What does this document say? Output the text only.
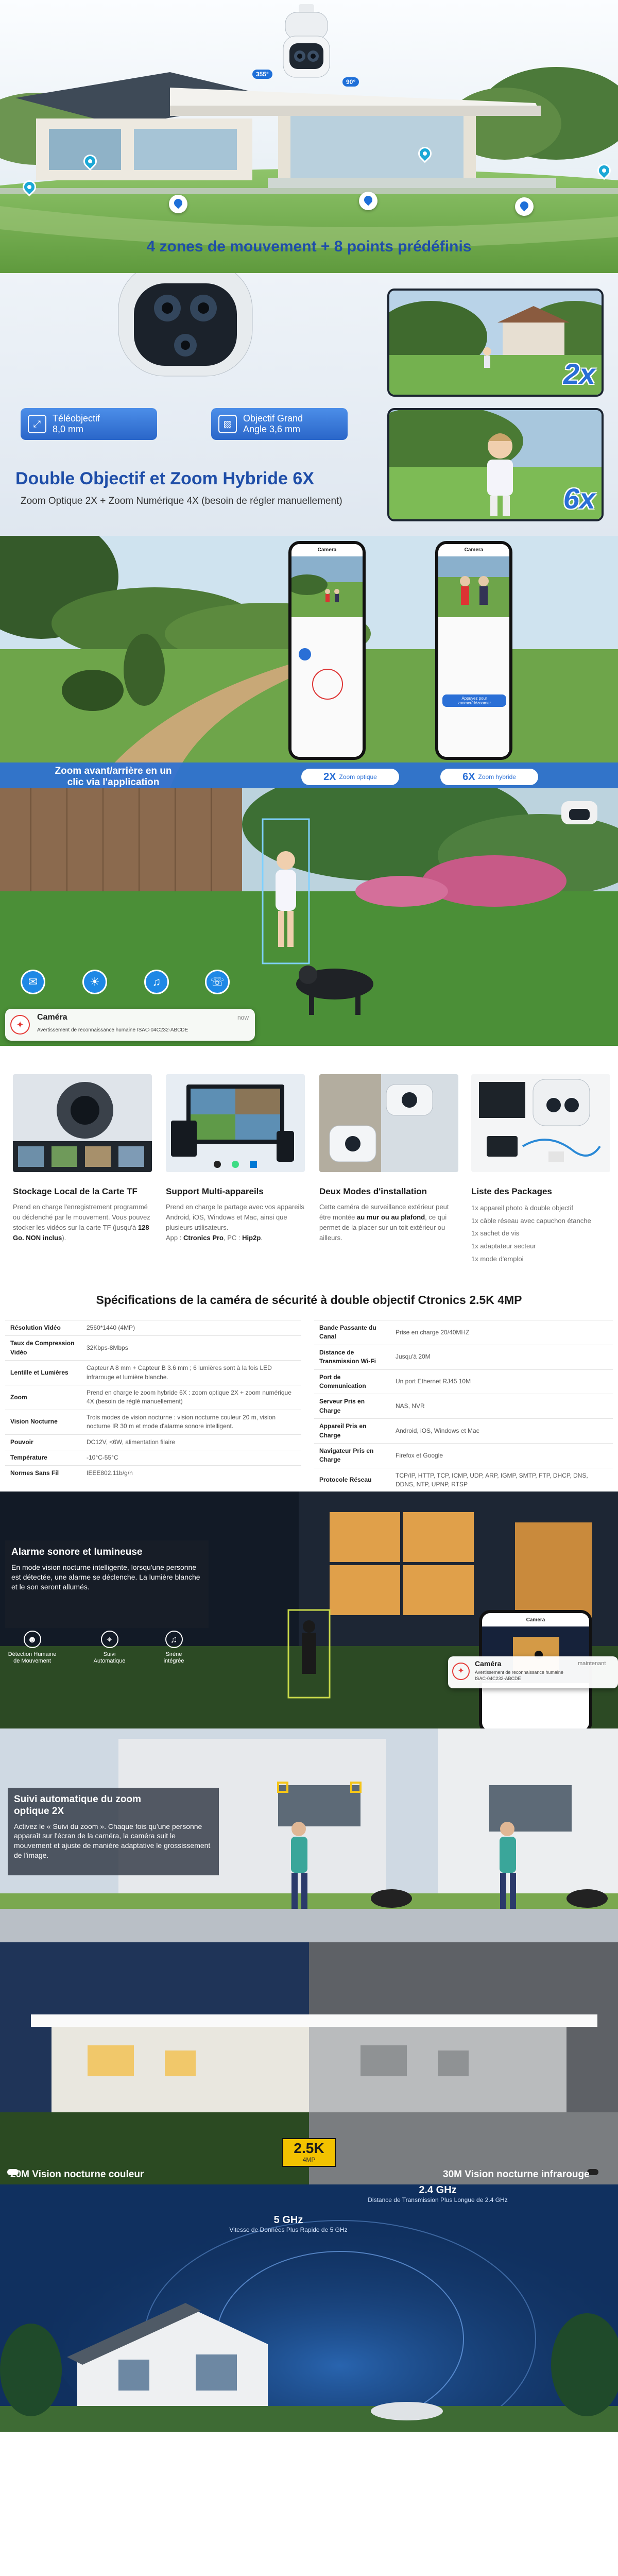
355°
90°
4 zones de mouvement + 8 points prédéfinis
⤢
Téléobjectif
8,0 mm
▧
Objectif Grand
Angle 3,6 mm
Double Objectif et Zoom Hybride 6X
Zoom Optique 2X + Zoom Numérique 4X (besoin de régler manuellement)
2x
6x
Camera	Camera
Appuyez pour zoomer/dézoomer
Zoom avant/arrière en un
clic via l'application	2X Zoom optique	6X Zoom hybride
✉	☀	♫	☏
✦
Caméra	now
Avertissement de reconnaissance humaine ISAC-04C232-ABCDE
Stockage Local de la Carte TF

Prend en charge l'enregistrement programmé ou déclenché par le mouvement. Vous pouvez stocker les vidéos sur la carte TF (jusqu'à 128 Go. NON inclus).

Support Multi-appareils

Prend en charge le partage avec vos appareils Android, iOS, Windows et Mac, ainsi que plusieurs utilisateurs.
App : Ctronics Pro, PC : Hip2p.

Deux Modes d'installation

Cette caméra de surveillance extérieur peut être montée au mur ou au plafond, ce qui permet de la placer sur un toit extérieur ou ailleurs.

Liste des Packages
1x appareil photo à double objectif
1x câble réseau avec capuchon étanche
1x sachet de vis
1x adaptateur secteur
1x mode d'emploi
Spécifications de la caméra de sécurité à double objectif Ctronics 2.5K 4MP
Résolution Vidéo	2560*1440 (4MP)
Taux de Compression Vidéo	32Kbps-8Mbps
Lentille et Lumières	Capteur A 8 mm + Capteur B 3.6 mm ; 6 lumières sont à la fois LED infrarouge et lumière blanche.
Zoom	Prend en charge le zoom hybride 6X : zoom optique 2X + zoom numérique 4X (besoin de réglé manuellement)
Vision Nocturne	Trois modes de vision nocturne : vision nocturne couleur 20 m, vision nocturne IR 30 m et mode d'alarme sonore intelligent.
Pouvoir	DC12V, <6W, alimentation filaire
Température	-10°C-55°C
Normes Sans Fil	IEEE802.11b/g/n
Bande Passante du Canal	Prise en charge 20/40MHZ
Distance de Transmission Wi-Fi	Jusqu'à 20M
Port de Communication	Un port Ethernet RJ45 10M
Serveur Pris en Charge	NAS, NVR
Appareil Pris en Charge	Android, iOS, Windows et Mac
Navigateur Pris en Charge	Firefox et Google
Protocole Réseau	TCP/IP, HTTP, TCP, ICMP, UDP, ARP, IGMP, SMTP, FTP, DHCP, DNS, DDNS, NTP, UPNP, RTSP
Alarme sonore et lumineuse

En mode vision nocturne intelligente, lorsqu'une personne est détectée, une alarme se déclenche. La lumière blanche et le son seront allumés.

☻
Détection Humaine
de Mouvement
⌖
Suivi
Automatique
♫
Sirène
intégrée
Camera
✦
Caméra	maintenant
Avertissement de reconnaissance humaine ISAC-04C232-ABCDE
Suivi automatique du zoom
optique 2X

Activez le « Suivi du zoom ». Chaque fois qu'une personne apparaît sur l'écran de la caméra, la caméra suit le mouvement et ajuste de manière adaptative le grossissement de l'image.

2.5K
4MP
20M Vision nocturne couleur	30M Vision nocturne infrarouge
2.4 GHz
Distance de Transmission Plus Longue de 2.4 GHz
5 GHz
Vitesse de Données Plus Rapide de 5 GHz
